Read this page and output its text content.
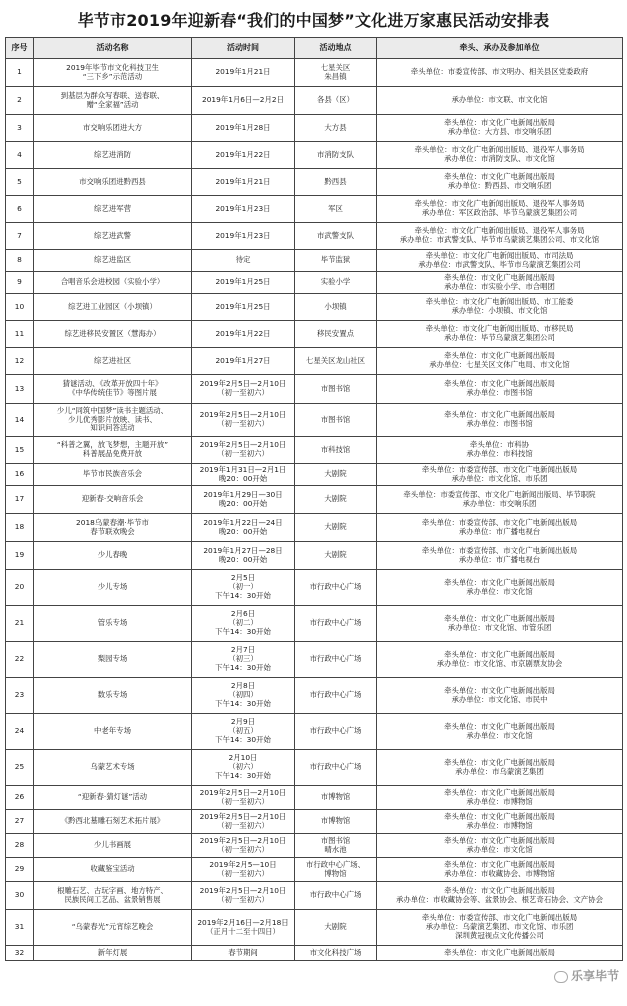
毕节市2019年迎新春“我们的中国梦”文化进万家惠民活动安排表
序号	活动名称	活动时间	活动地点	牵头、承办及参加单位
1	2019年毕节市文化科技卫生
“三下乡”示范活动	2019年1月21日	七星关区
朱昌镇	牵头单位：市委宣传部、市文明办、相关县区党委政府

2	到基层为群众写春联、送春联、
赠“全家福”活动	2019年1月6日—2月2日	各县（区）	承办单位：市文联、市文化馆

3	市交响乐团进大方	2019年1月28日	大方县	牵头单位：市文化广电新闻出版局
承办单位：大方县、市交响乐团

4	综艺进消防	2019年1月22日	市消防支队	牵头单位：市文化广电新闻出版局、退役军人事务局
承办单位：市消防支队、市文化馆

5	市交响乐团进黔西县	2019年1月21日	黔西县	牵头单位：市文化广电新闻出版局
承办单位：黔西县、市交响乐团

6	综艺进军营	2019年1月23日	军区	牵头单位：市文化广电新闻出版局、退役军人事务局
承办单位：军区政治部、毕节乌蒙演艺集团公司

7	综艺进武警	2019年1月23日	市武警支队	牵头单位：市文化广电新闻出版局、退役军人事务局
承办单位：市武警支队、毕节市乌蒙演艺集团公司、市文化馆

8	综艺进监区	待定	毕节监狱	牵头单位：市文化广电新闻出版局、市司法局
承办单位：市武警支队、毕节市乌蒙演艺集团公司

9	合唱音乐会进校园（实验小学）	2019年1月25日	实验小学	牵头单位：市文化广电新闻出版局
承办单位：市实验小学、市合唱团

10	综艺进工业园区（小坝镇）	2019年1月25日	小坝镇	牵头单位：市文化广电新闻出版局、市工能委
承办单位：小坝镇、市文化馆

11	综艺进移民安置区（慧海办）	2019年1月22日	移民安置点	牵头单位：市文化广电新闻出版局、市移民局
承办单位：毕节乌蒙演艺集团公司

12	综艺进社区	2019年1月27日	七星关区龙山社区	牵头单位：市文化广电新闻出版局
承办单位：七星关区文体广电局、市文化馆

13	猜谜活动、《改革开放四十年》
《中华传统佳节》等图片展	2019年2月5日—2月10日
（初一至初六）	市图书馆	牵头单位：市文化广电新闻出版局
承办单位：市图书馆

14	少儿“同筑中国梦”读书主题活动、
少儿优秀影片放映、读书、
知识问答活动	2019年2月5日—2月10日
（初一至初六）	市图书馆	牵头单位：市文化广电新闻出版局
承办单位：市图书馆

15	“科普之翼，放飞梦想，主题开放”
科普展品免费开放	2019年2月5日—2月10日
（初一至初六）	市科技馆	牵头单位：市科协
承办单位：市科技馆

16	毕节市民族音乐会	2019年1月31日—2月1日
晚20：00开始	大剧院	牵头单位：市委宣传部、市文化广电新闻出版局
承办单位：市文化馆、市乐团

17	迎新春·交响音乐会	2019年1月29日—30日
晚20：00开始	大剧院	牵头单位：市委宣传部、市文化广电新闻出版局、毕节职院
承办单位：市交响乐团

18	2018乌蒙春潮·毕节市
春节联欢晚会	2019年1月22日—24日
晚20：00开始	大剧院	牵头单位：市委宣传部、市文化广电新闻出版局
承办单位：市广播电视台

19	少儿春晚	2019年1月27日—28日
晚20：00开始	大剧院	牵头单位：市委宣传部、市文化广电新闻出版局
承办单位：市广播电视台

20	少儿专场	2月5日
（初一）
下午14：30开始	市行政中心广场	牵头单位：市文化广电新闻出版局
承办单位：市文化馆

21	管乐专场	2月6日
（初二）
下午14：30开始	市行政中心广场	牵头单位：市文化广电新闻出版局
承办单位：市文化馆、市管乐团

22	梨园专场	2月7日
（初三）
下午14：30开始	市行政中心广场	牵头单位：市文化广电新闻出版局
承办单位：市文化馆、市京剧票友协会

23	数乐专场	2月8日
（初四）
下午14：30开始	市行政中心广场	牵头单位：市文化广电新闻出版局
承办单位：市文化馆、市民中

24	中老年专场	2月9日
（初五）
下午14：30开始	市行政中心广场	牵头单位：市文化广电新闻出版局
承办单位：市文化馆

25	乌蒙艺术专场	2月10日
（初六）
下午14：30开始	市行政中心广场	牵头单位：市文化广电新闻出版局
承办单位：市乌蒙演艺集团

26	“迎新春·猜灯谜”活动	2019年2月5日—2月10日
（初一至初六）	市博物馆	牵头单位：市文化广电新闻出版局
承办单位：市博物馆

27	《黔西北墓雕石刻艺术拓片展》	2019年2月5日—2月10日
（初一至初六）	市博物馆	牵头单位：市文化广电新闻出版局
承办单位：市博物馆

28	少儿书画展	2019年2月5日—2月10日
（初一至初六）	市图书馆
晴水池	牵头单位：市文化广电新闻出版局
承办单位：市文化馆

29	收藏鉴宝活动	2019年2月5—10日
（初一至初六）	市行政中心广场、
博物馆	牵头单位：市文化广电新闻出版局
承办单位：市收藏协会、市博物馆

30	根雕石艺、古玩字画、地方特产、
民族民间工艺品、盆景销售展	2019年2月5日—2月10日
（初一至初六）	市行政中心广场	牵头单位：市文化广电新闻出版局
承办单位：市收藏协会等、盆景协会、根艺奇石协会、文产协会

31	“乌蒙春光”元宵综艺晚会	2019年2月16日—2月18日
（正月十二至十四日）	大剧院	牵头单位：市委宣传部、市文化广电新闻出版局
承办单位：乌蒙演艺集团、市文化馆、市乐团
深圳黄冠视点文化传播公司

32	新年灯展	春节期间	市文化科技广场	牵头单位：市文化广电新闻出版局
乐享毕节
